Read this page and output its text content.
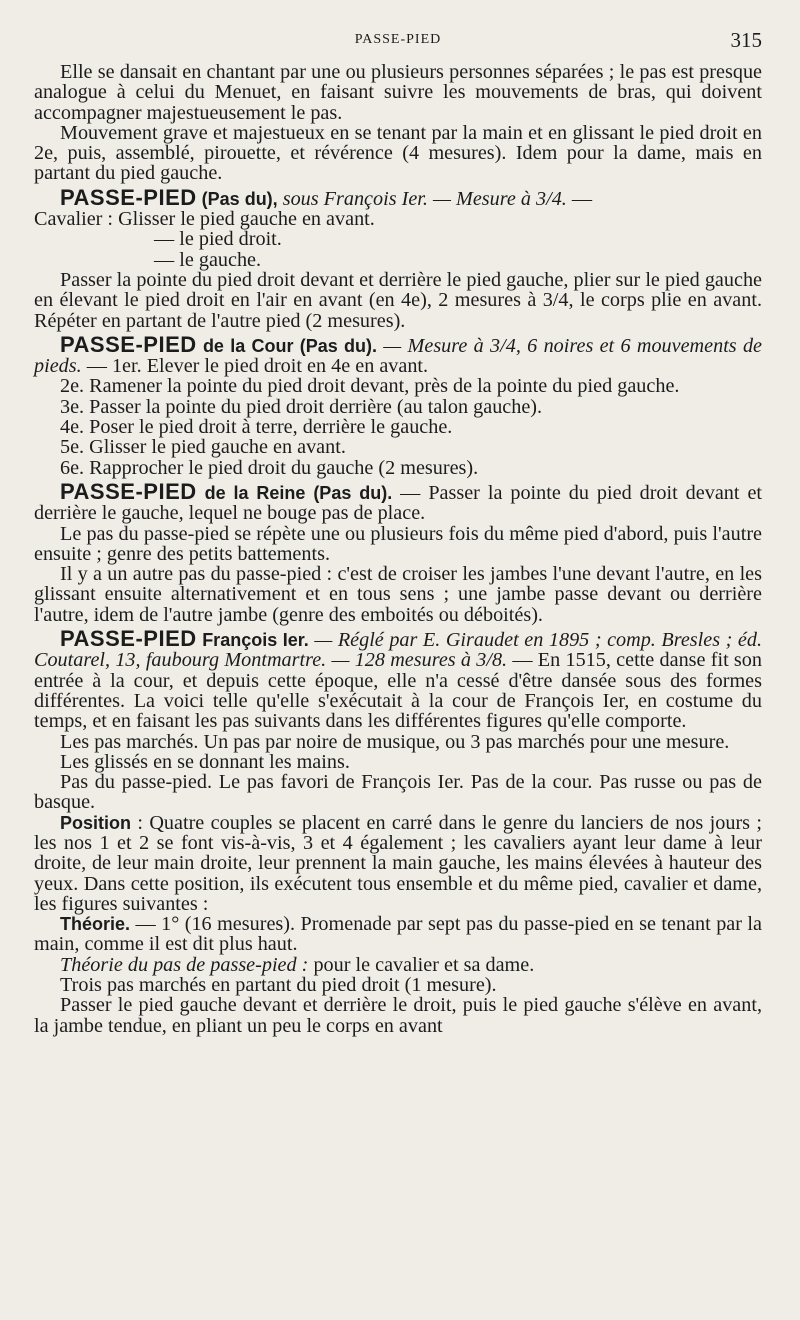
PASSE-PIED	315

Elle se dansait en chantant par une ou plusieurs personnes séparées ; le pas est presque analogue à celui du Menuet, en faisant suivre les mouvements de bras, qui doivent accompagner majestueusement le pas.

Mouvement grave et majestueux en se tenant par la main et en glissant le pied droit en 2e, puis, assemblé, pirouette, et révérence (4 mesures). Idem pour la dame, mais en partant du pied gauche.

PASSE-PIED (Pas du), sous François Ier. — Mesure à 3/4. —

Cavalier : Glisser le pied gauche en avant.

— le pied droit.

— le gauche.

Passer la pointe du pied droit devant et derrière le pied gauche, plier sur le pied gauche en élevant le pied droit en l'air en avant (en 4e), 2 mesures à 3/4, le corps plie en avant. Répéter en partant de l'autre pied (2 mesures).

PASSE-PIED de la Cour (Pas du). — Mesure à 3/4, 6 noires et 6 mouvements de pieds. — 1er. Elever le pied droit en 4e en avant.

2e. Ramener la pointe du pied droit devant, près de la pointe du pied gauche.

3e. Passer la pointe du pied droit derrière (au talon gauche).

4e. Poser le pied droit à terre, derrière le gauche.

5e. Glisser le pied gauche en avant.

6e. Rapprocher le pied droit du gauche (2 mesures).

PASSE-PIED de la Reine (Pas du). — Passer la pointe du pied droit devant et derrière le gauche, lequel ne bouge pas de place.

Le pas du passe-pied se répète une ou plusieurs fois du même pied d'abord, puis l'autre ensuite ; genre des petits battements.

Il y a un autre pas du passe-pied : c'est de croiser les jambes l'une devant l'autre, en les glissant ensuite alternativement et en tous sens ; une jambe passe devant ou derrière l'autre, idem de l'autre jambe (genre des emboités ou déboités).

PASSE-PIED François Ier. — Réglé par E. Giraudet en 1895 ; comp. Bresles ; éd. Coutarel, 13, faubourg Montmartre. — 128 mesures à 3/8. — En 1515, cette danse fit son entrée à la cour, et depuis cette époque, elle n'a cessé d'être dansée sous des formes différentes. La voici telle qu'elle s'exécutait à la cour de François Ier, en costume du temps, et en faisant les pas suivants dans les différentes figures qu'elle comporte.

Les pas marchés. Un pas par noire de musique, ou 3 pas marchés pour une mesure.

Les glissés en se donnant les mains.

Pas du passe-pied. Le pas favori de François Ier. Pas de la cour. Pas russe ou pas de basque.

Position : Quatre couples se placent en carré dans le genre du lanciers de nos jours ; les nos 1 et 2 se font vis-à-vis, 3 et 4 également ; les cavaliers ayant leur dame à leur droite, de leur main droite, leur prennent la main gauche, les mains élevées à hauteur des yeux. Dans cette position, ils exécutent tous ensemble et du même pied, cavalier et dame, les figures suivantes :

Théorie. — 1° (16 mesures). Promenade par sept pas du passe-pied en se tenant par la main, comme il est dit plus haut.

Théorie du pas de passe-pied : pour le cavalier et sa dame.

Trois pas marchés en partant du pied droit (1 mesure).

Passer le pied gauche devant et derrière le droit, puis le pied gauche s'élève en avant, la jambe tendue, en pliant un peu le corps en avant
